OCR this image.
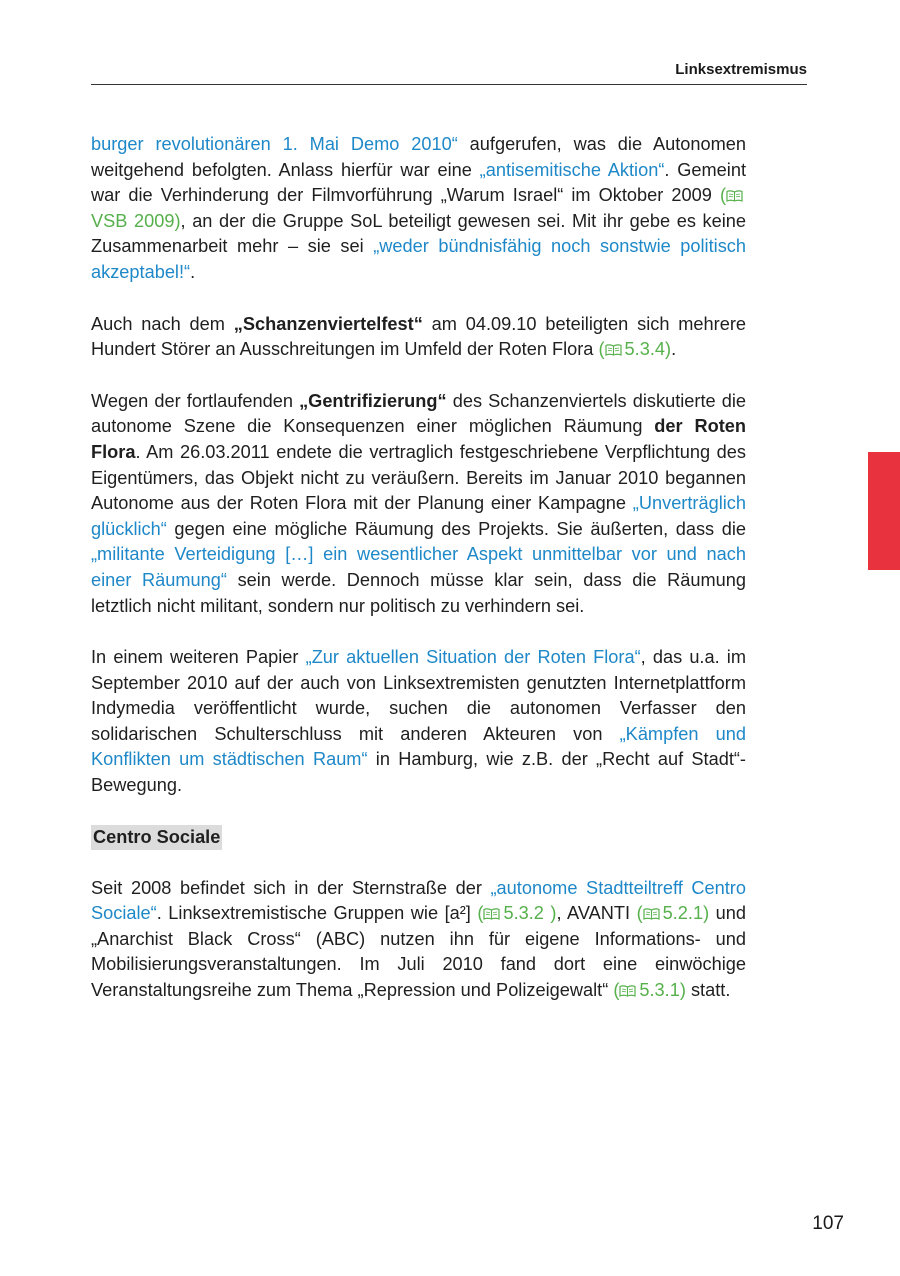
Linksextremismus

burger revolutionären 1. Mai Demo 2010“ aufgerufen, was die Autonomen weitgehend befolgten. Anlass hierfür war eine „antisemitische Aktion“. Gemeint war die Verhinderung der Filmvorführung „Warum Israel“ im Oktober 2009 (VSB 2009), an der die Gruppe SoL beteiligt gewesen sei. Mit ihr gebe es keine Zusammenarbeit mehr – sie sei „weder bündnisfähig noch sonstwie politisch akzeptabel!“.

Auch nach dem „Schanzenviertelfest“ am 04.09.10 beteiligten sich mehrere Hundert Störer an Ausschreitungen im Umfeld der Roten Flora ( 5.3.4).

Wegen der fortlaufenden „Gentrifizierung“ des Schanzenviertels diskutierte die autonome Szene die Konsequenzen einer möglichen Räumung der Roten Flora. Am 26.03.2011 endete die vertraglich festgeschriebene Verpflichtung des Eigentümers, das Objekt nicht zu veräußern. Bereits im Januar 2010 begannen Autonome aus der Roten Flora mit der Planung einer Kampagne „Unverträglich glücklich“ gegen eine mögliche Räumung des Projekts. Sie äußerten, dass die „militante Verteidigung […] ein wesentlicher Aspekt unmittelbar vor und nach einer Räumung“ sein werde. Dennoch müsse klar sein, dass die Räumung letztlich nicht militant, sondern nur politisch zu verhindern sei.

In einem weiteren Papier „Zur aktuellen Situation der Roten Flora“, das u.a. im September 2010 auf der auch von Linksextremisten genutzten Internetplattform Indymedia veröffentlicht wurde, suchen die autonomen Verfasser den solidarischen Schulterschluss mit anderen Akteuren von „Kämpfen und Konflikten um städtischen Raum“ in Hamburg, wie z.B. der „Recht auf Stadt“-Bewegung.

Centro Sociale

Seit 2008 befindet sich in der Sternstraße der „autonome Stadtteiltreff Centro Sociale“. Linksextremistische Gruppen wie [a²] ( 5.3.2 ), AVANTI ( 5.2.1) und „Anarchist Black Cross“ (ABC) nutzen ihn für eigene Informations- und Mobilisierungsveranstaltungen. Im Juli 2010 fand dort eine einwöchige Veranstaltungsreihe zum Thema „Repression und Polizeigewalt“ ( 5.3.1) statt.

107
